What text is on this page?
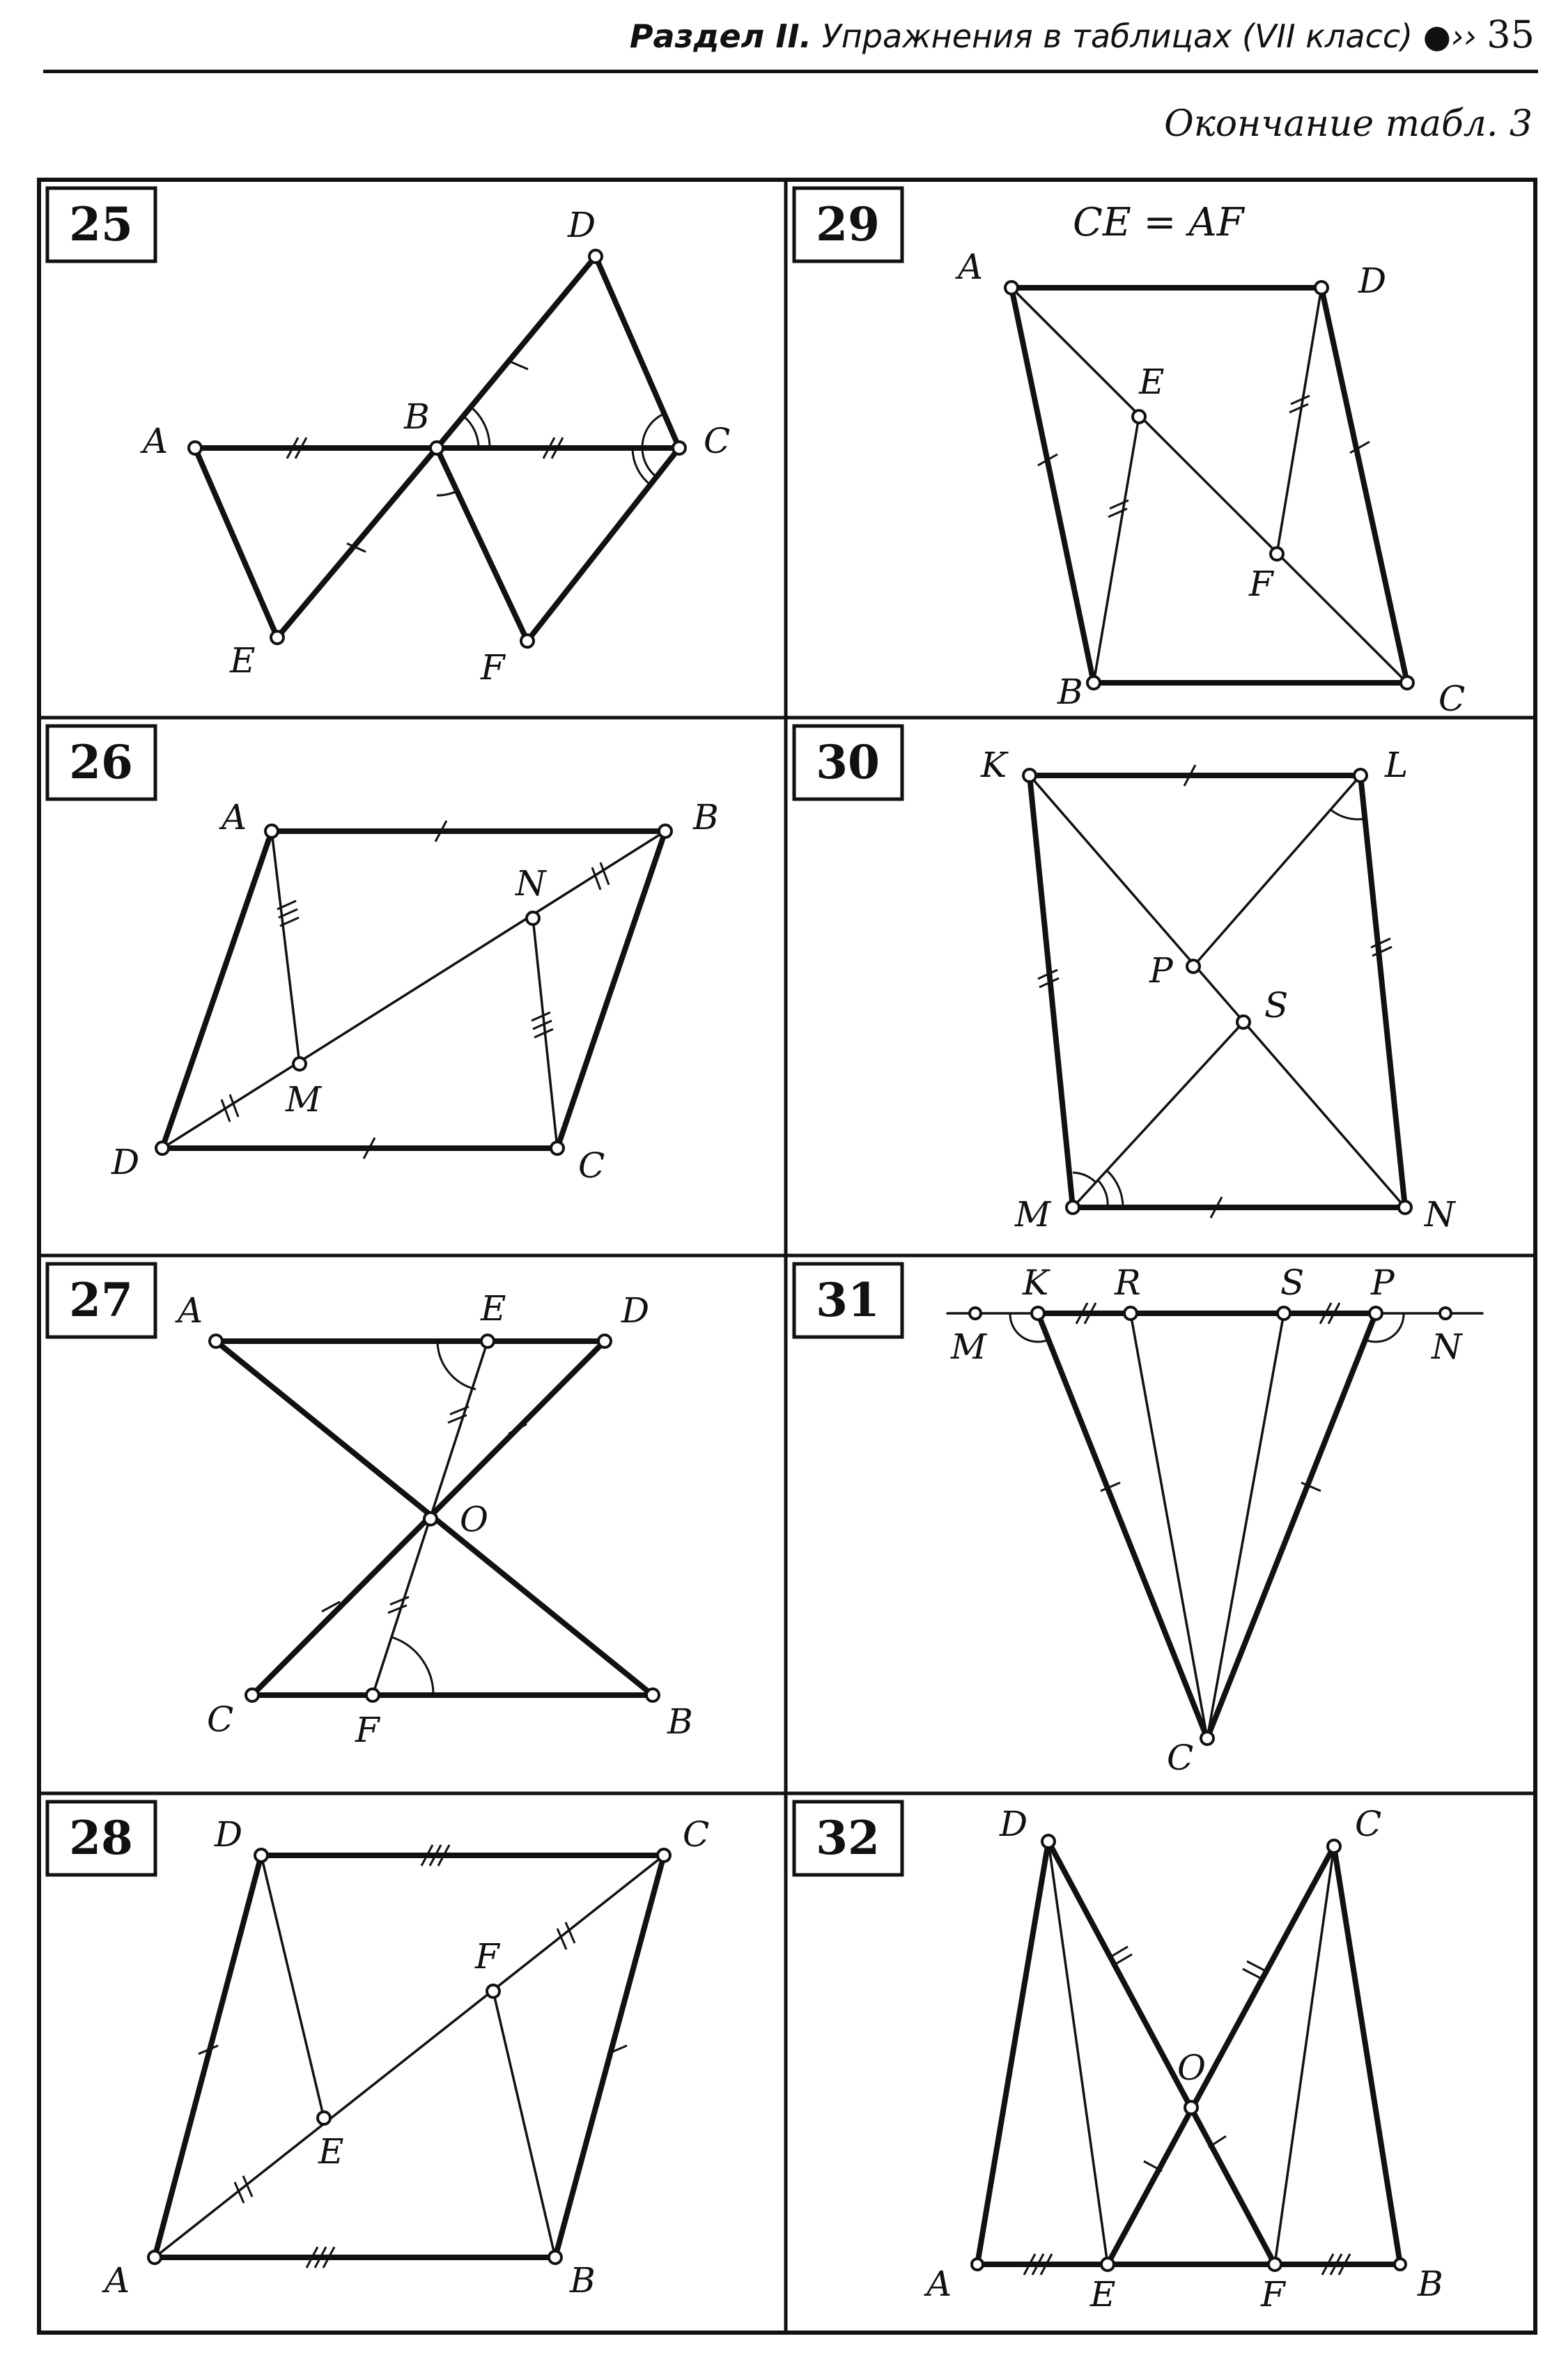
Раздел II. Упражнения в таблицах (VII класс) ●›› 35
Окончание табл. 3
25
A
B
C
D
E	F
29	CE = AF
A
B	C
D
E
F
26
A	B
C
D
M
N
30	K	L
M	N
P
S
27 A
B
C
D
E
F
O
31	K R	S P
M	N
C
28
A	B
C
D
E
F
32
A	B
C
D
E	F
O
